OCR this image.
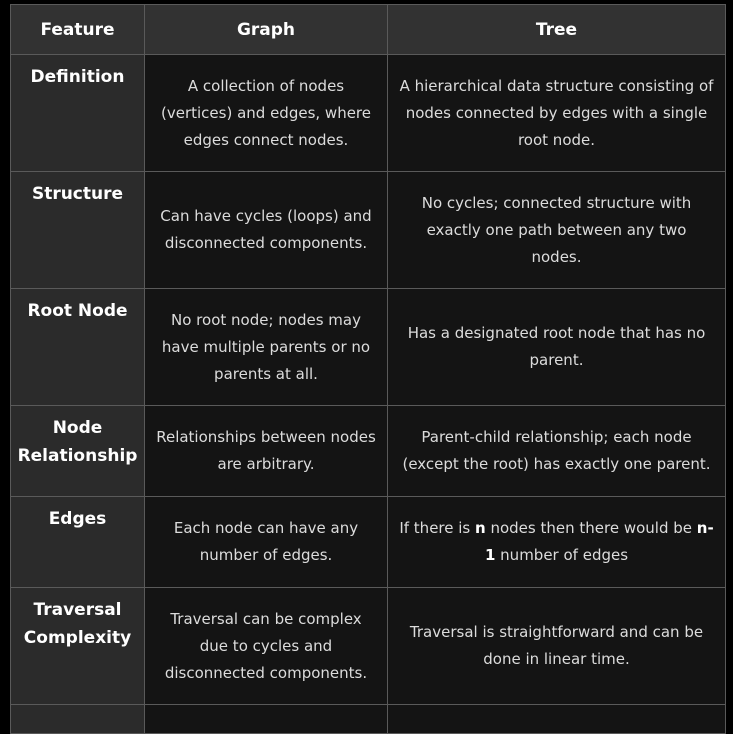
Feature	Graph	Tree
Definition	A collection of nodes (vertices) and edges, where edges connect nodes.	A hierarchical data structure consisting of nodes connected by edges with a single root node.
Structure	Can have cycles (loops) and disconnected components.	No cycles; connected structure with exactly one path between any two nodes.
Root Node	No root node; nodes may have multiple parents or no parents at all.	Has a designated root node that has no parent.
Node Relationship	Relationships between nodes are arbitrary.	Parent-child relationship; each node (except the root) has exactly one parent.
Edges	Each node can have any number of edges.	If there is n nodes then there would be n-1 number of edges
Traversal Complexity	Traversal can be complex due to cycles and disconnected components.	Traversal is straightforward and can be done in linear time.
